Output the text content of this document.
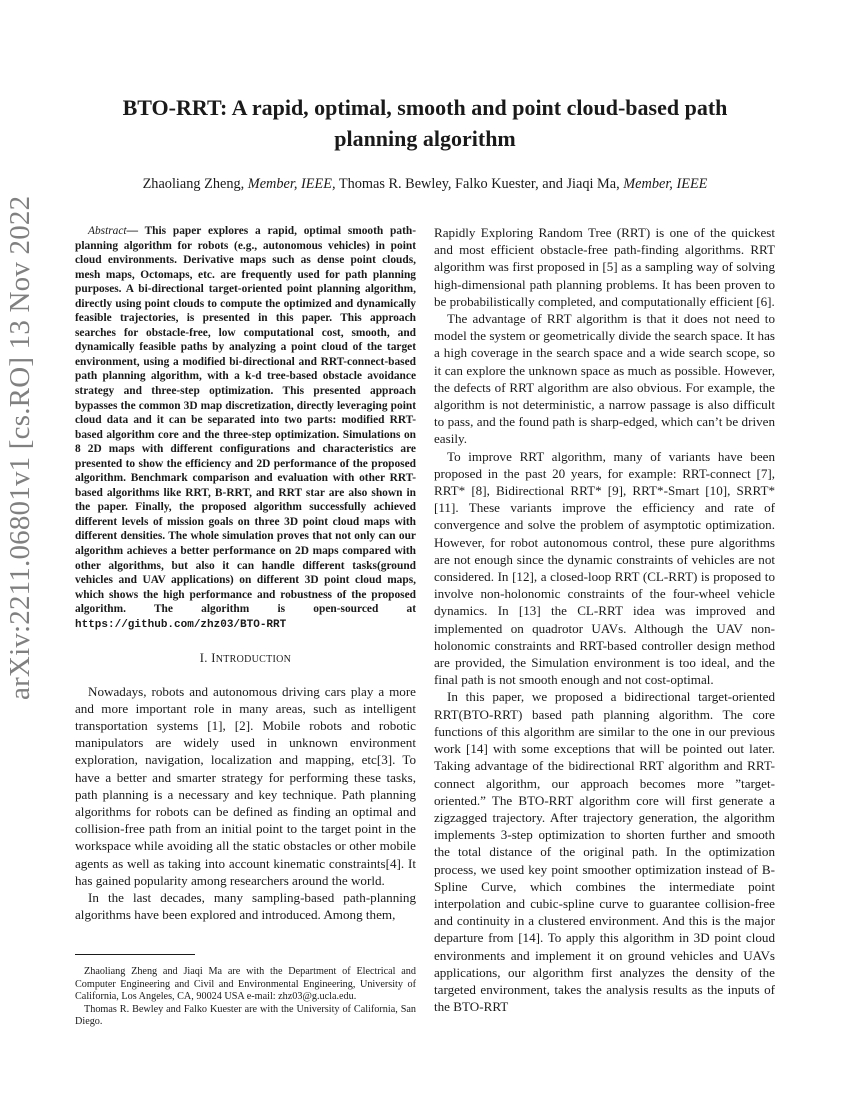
arXiv:2211.06801v1 [cs.RO] 13 Nov 2022
BTO-RRT: A rapid, optimal, smooth and point cloud-based path
planning algorithm
Zhaoliang Zheng, Member, IEEE, Thomas R. Bewley, Falko Kuester, and Jiaqi Ma, Member, IEEE

Abstract— This paper explores a rapid, optimal smooth path-planning algorithm for robots (e.g., autonomous vehicles) in point cloud environments. Derivative maps such as dense point clouds, mesh maps, Octomaps, etc. are frequently used for path planning purposes. A bi-directional target-oriented point planning algorithm, directly using point clouds to compute the optimized and dynamically feasible trajectories, is presented in this paper. This approach searches for obstacle-free, low computational cost, smooth, and dynamically feasible paths by analyzing a point cloud of the target environment, using a modified bi-directional and RRT-connect-based path planning algorithm, with a k-d tree-based obstacle avoidance strategy and three-step optimization. This presented approach bypasses the common 3D map discretization, directly leveraging point cloud data and it can be separated into two parts: modified RRT-based algorithm core and the three-step optimization. Simulations on 8 2D maps with different configurations and characteristics are presented to show the efficiency and 2D performance of the proposed algorithm. Benchmark comparison and evaluation with other RRT-based algorithms like RRT, B-RRT, and RRT star are also shown in the paper. Finally, the proposed algorithm successfully achieved different levels of mission goals on three 3D point cloud maps with different densities. The whole simulation proves that not only can our algorithm achieves a better performance on 2D maps compared with other algorithms, but also it can handle different tasks(ground vehicles and UAV applications) on different 3D point cloud maps, which shows the high performance and robustness of the proposed algorithm. The algorithm is open-sourced at https://github.com/zhz03/BTO-RRT

I. INTRODUCTION

Nowadays, robots and autonomous driving cars play a more and more important role in many areas, such as intelligent transportation systems [1], [2]. Mobile robots and robotic manipulators are widely used in unknown environment exploration, navigation, localization and mapping, etc[3]. To have a better and smarter strategy for performing these tasks, path planning is a necessary and key technique. Path planning algorithms for robots can be defined as finding an optimal and collision-free path from an initial point to the target point in the workspace while avoiding all the static obstacles or other mobile agents as well as taking into account kinematic constraints[4]. It has gained popularity among researchers around the world.

In the last decades, many sampling-based path-planning algorithms have been explored and introduced. Among them,

Zhaoliang Zheng and Jiaqi Ma are with the Department of Electrical and Computer Engineering and Civil and Environmental Engineering, University of California, Los Angeles, CA, 90024 USA e-mail: zhz03@g.ucla.edu.

Thomas R. Bewley and Falko Kuester are with the University of California, San Diego.

Rapidly Exploring Random Tree (RRT) is one of the quickest and most efficient obstacle-free path-finding algorithms. RRT algorithm was first proposed in [5] as a sampling way of solving high-dimensional path planning problems. It has been proven to be probabilistically completed, and computationally efficient [6].

The advantage of RRT algorithm is that it does not need to model the system or geometrically divide the search space. It has a high coverage in the search space and a wide search scope, so it can explore the unknown space as much as possible. However, the defects of RRT algorithm are also obvious. For example, the algorithm is not deterministic, a narrow passage is also difficult to pass, and the found path is sharp-edged, which can’t be driven easily.

To improve RRT algorithm, many of variants have been proposed in the past 20 years, for example: RRT-connect [7], RRT* [8], Bidirectional RRT* [9], RRT*-Smart [10], SRRT* [11]. These variants improve the efficiency and rate of convergence and solve the problem of asymptotic optimization. However, for robot autonomous control, these pure algorithms are not enough since the dynamic constraints of vehicles are not considered. In [12], a closed-loop RRT (CL-RRT) is proposed to involve non-holonomic constraints of the four-wheel vehicle dynamics. In [13] the CL-RRT idea was improved and implemented on quadrotor UAVs. Although the UAV non-holonomic constraints and RRT-based controller design method are provided, the Simulation environment is too ideal, and the final path is not smooth enough and not cost-optimal.

In this paper, we proposed a bidirectional target-oriented RRT(BTO-RRT) based path planning algorithm. The core functions of this algorithm are similar to the one in our previous work [14] with some exceptions that will be pointed out later. Taking advantage of the bidirectional RRT algorithm and RRT-connect algorithm, our approach becomes more ”target-oriented.” The BTO-RRT algorithm core will first generate a zigzagged trajectory. After trajectory generation, the algorithm implements 3-step optimization to shorten further and smooth the total distance of the original path. In the optimization process, we used key point smoother optimization instead of B-Spline Curve, which combines the intermediate point interpolation and cubic-spline curve to guarantee collision-free and continuity in a clustered environment. And this is the major departure from [14]. To apply this algorithm in 3D point cloud environments and implement it on ground vehicles and UAVs applications, our algorithm first analyzes the density of the targeted environment, takes the analysis results as the inputs of the BTO-RRT
